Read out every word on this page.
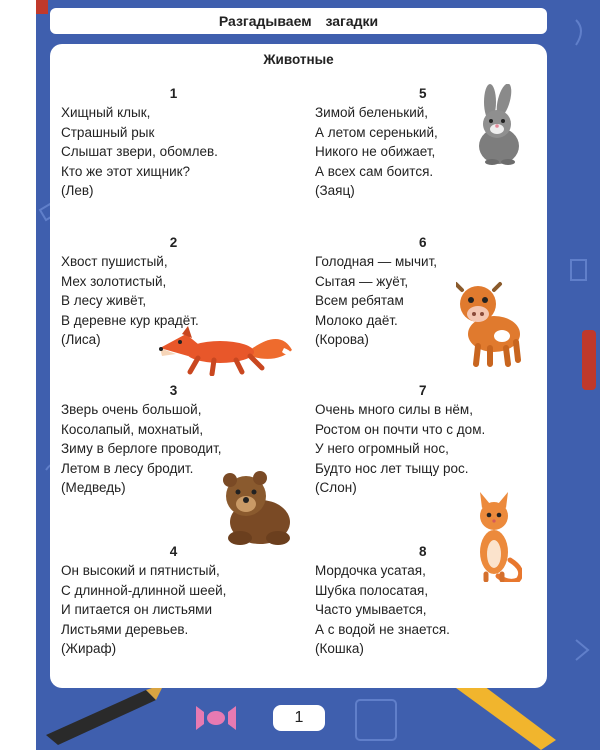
Разгадываем загадки
Животные
1
Хищный клык,
Страшный рык
Слышат звери, обомлев.
Кто же этот хищник?
(Лев)
2
Хвост пушистый,
Мех золотистый,
В лесу живёт,
В деревне кур крадёт.
(Лиса)
3
Зверь очень большой,
Косолапый, мохнатый,
Зиму в берлоге проводит,
Летом в лесу бродит.
(Медведь)
4
Он высокий и пятнистый,
С длинной-длинной шеей,
И питается он листьями
Листьями деревьев.
(Жираф)
5
Зимой беленький,
А летом серенький,
Никого не обижает,
А всех сам боится.
(Заяц)
6
Голодная — мычит,
Сытая — жуёт,
Всем ребятам
Молоко даёт.
(Корова)
7
Очень много силы в нём,
Ростом он почти что с дом.
У него огромный нос,
Будто нос лет тыщу рос.
(Слон)
8
Мордочка усатая,
Шубка полосатая,
Часто умывается,
А с водой не знается.
(Кошка)
1
